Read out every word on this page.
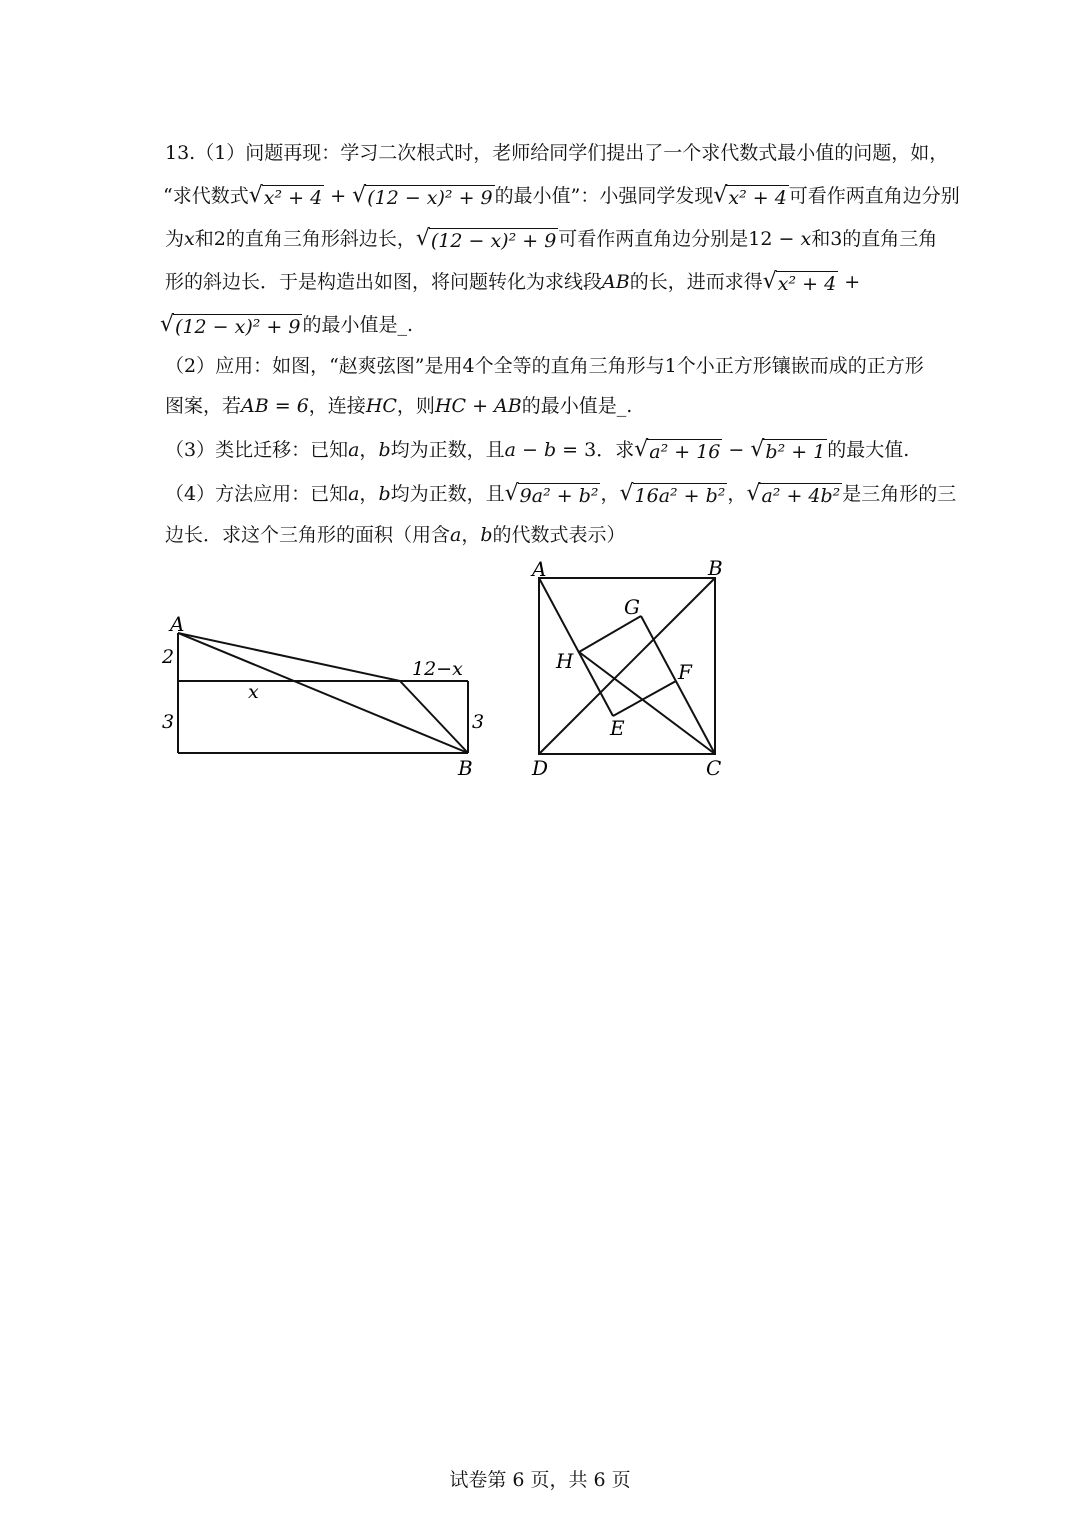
13.（1）问题再现：学习二次根式时，老师给同学们提出了一个求代数式最小值的问题，如，
“求代数式 √ x² + 4 + √ (12 − x)² + 9 的最小值”：小强同学发现 √ x² + 4 可看作两直角边分别
为x和2的直角三角形斜边长， √ (12 − x)² + 9 可看作两直角边分别是12 − x和3的直角三角
形的斜边长．于是构造出如图，将问题转化为求线段AB的长，进而求得 √ x² + 4 +
√ (12 − x)² + 9 的最小值是_.
（2）应用：如图，“赵爽弦图”是用4个全等的直角三角形与1个小正方形镶嵌而成的正方形
图案，若AB = 6，连接HC，则HC + AB的最小值是_.
（3）类比迁移：已知a，b均为正数，且a − b = 3．求 √ a² + 16 − √ b² + 1 的最大值.
（4）方法应用：已知a，b均为正数，且 √ 9a² + b² ， √ 16a² + b² ， √ a² + 4b² 是三角形的三
边长．求这个三角形的面积（用含a，b的代数式表示）
A
2
3
x
12−x
3
B
A	B
G
H	F
E
D	C
试卷第 6 页，共 6 页
